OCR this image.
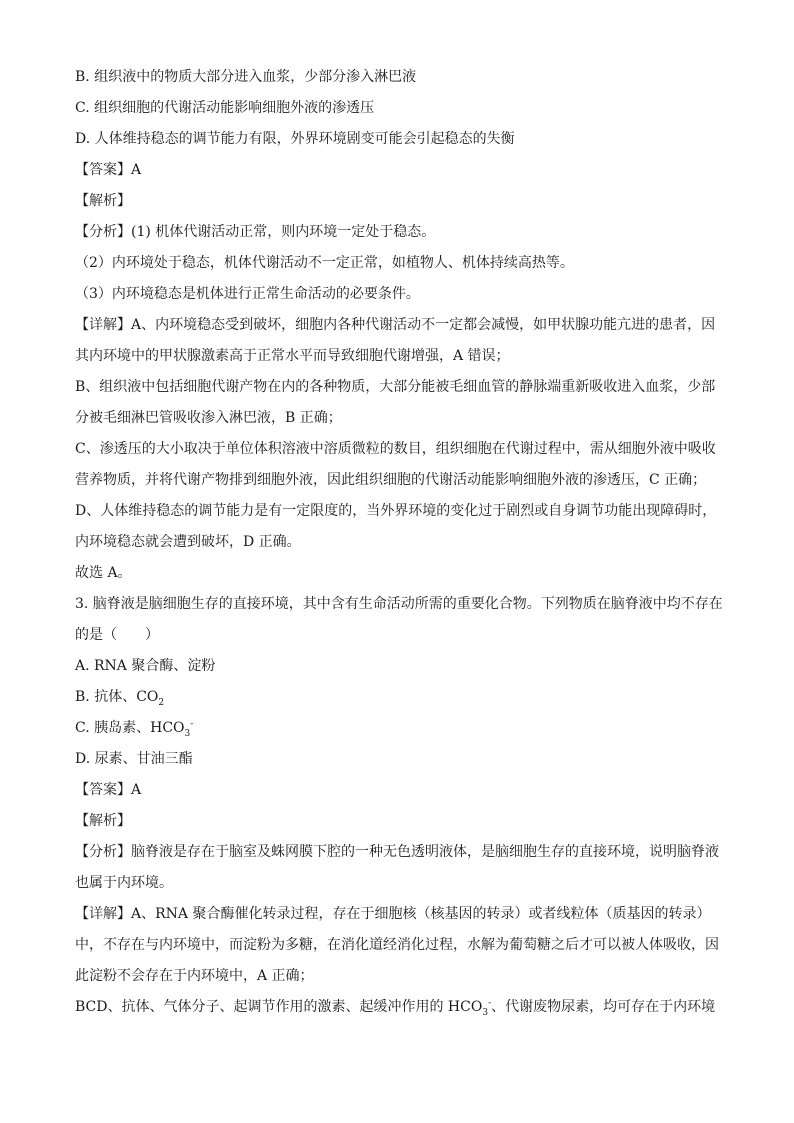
B. 组织液中的物质大部分进入血浆，少部分渗入淋巴液
C. 组织细胞的代谢活动能影响细胞外液的渗透压
D. 人体维持稳态的调节能力有限，外界环境剧变可能会引起稳态的失衡
【答案】A
【解析】
【分析】(1) 机体代谢活动正常，则内环境一定处于稳态。
（2）内环境处于稳态，机体代谢活动不一定正常，如植物人、机体持续高热等。
（3）内环境稳态是机体进行正常生命活动的必要条件。
【详解】A、内环境稳态受到破坏，细胞内各种代谢活动不一定都会减慢，如甲状腺功能亢进的患者，因
其内环境中的甲状腺激素高于正常水平而导致细胞代谢增强，A 错误；
B、组织液中包括细胞代谢产物在内的各种物质，大部分能被毛细血管的静脉端重新吸收进入血浆，少部
分被毛细淋巴管吸收渗入淋巴液，B 正确；
C、渗透压的大小取决于单位体积溶液中溶质微粒的数目，组织细胞在代谢过程中，需从细胞外液中吸收
营养物质，并将代谢产物排到细胞外液，因此组织细胞的代谢活动能影响细胞外液的渗透压，C 正确；
D、人体维持稳态的调节能力是有一定限度的，当外界环境的变化过于剧烈或自身调节功能出现障碍时，
内环境稳态就会遭到破坏，D 正确。
故选 A。
3. 脑脊液是脑细胞生存的直接环境，其中含有生命活动所需的重要化合物。下列物质在脑脊液中均不存在
的是（　　）
A. RNA 聚合酶、淀粉
B. 抗体、$CO_2$
C. 胰岛素、$HCO_3^-$
D. 尿素、甘油三酯
【答案】A
【解析】
【分析】脑脊液是存在于脑室及蛛网膜下腔的一种无色透明液体，是脑细胞生存的直接环境，说明脑脊液
也属于内环境。
【详解】A、RNA 聚合酶催化转录过程，存在于细胞核（核基因的转录）或者线粒体（质基因的转录）
中，不存在与内环境中，而淀粉为多糖，在消化道经消化过程，水解为葡萄糖之后才可以被人体吸收，因
此淀粉不会存在于内环境中，A 正确；
BCD、抗体、气体分子、起调节作用的激素、起缓冲作用的 $HCO_3^-$、代谢废物尿素，均可存在于内环境
